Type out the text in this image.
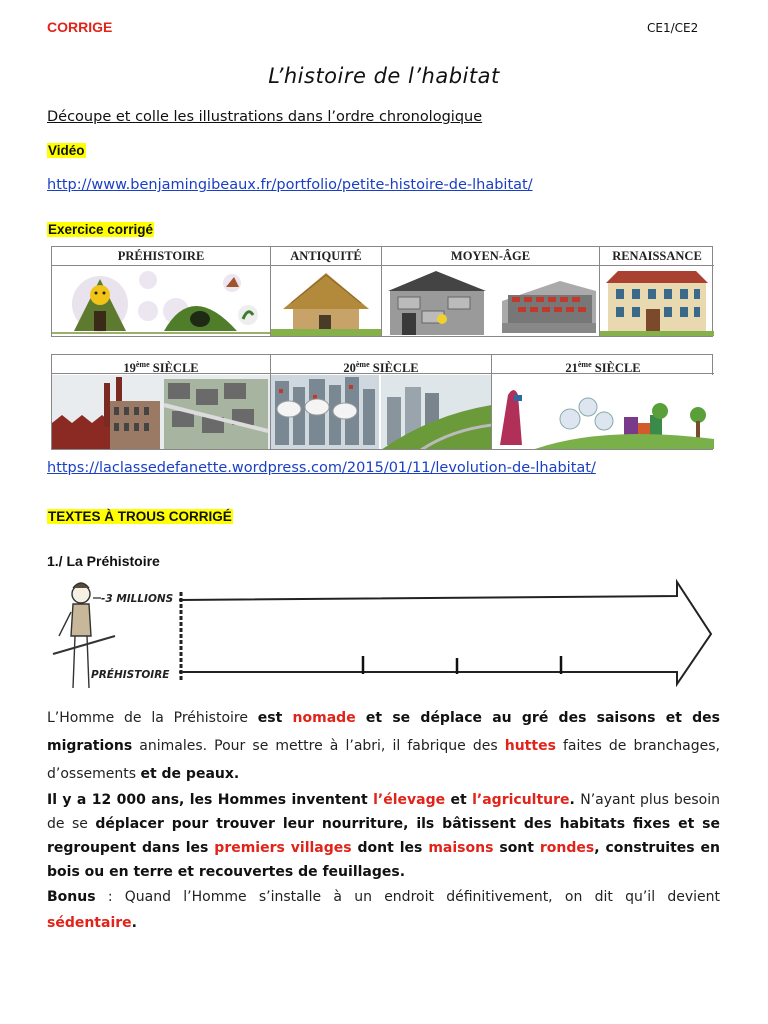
CORRIGE	CE1/CE2
L’histoire de l’habitat
Découpe et colle les illustrations dans l’ordre chronologique
Vidéo
http://www.benjamingibeaux.fr/portfolio/petite-histoire-de-lhabitat/
Exercice corrigé
PRÉHISTOIRE	ANTIQUITÉ	MOYEN-ÂGE	RENAISSANCE
19ème SIÈCLE	20ème SIÈCLE	21ème SIÈCLE
https://laclassedefanette.wordpress.com/2015/01/11/levolution-de-lhabitat/
TEXTES À TROUS CORRIGÉ
1./ La Préhistoire
-3 MILLIONS
PRÉHISTOIRE
L’Homme de la Préhistoire est nomade et se déplace au gré des saisons et des migrations animales. Pour se mettre à l’abri, il fabrique des huttes faites de branchages, d’ossements et de peaux.
Il y a 12 000 ans, les Hommes inventent l’élevage et l’agriculture. N’ayant plus besoin de se déplacer pour trouver leur nourriture, ils bâtissent des habitats fixes et se regroupent dans les premiers villages dont les maisons sont rondes, construites en bois ou en terre et recouvertes de feuillages.
Bonus : Quand l’Homme s’installe à un endroit définitivement, on dit qu’il devient sédentaire.
